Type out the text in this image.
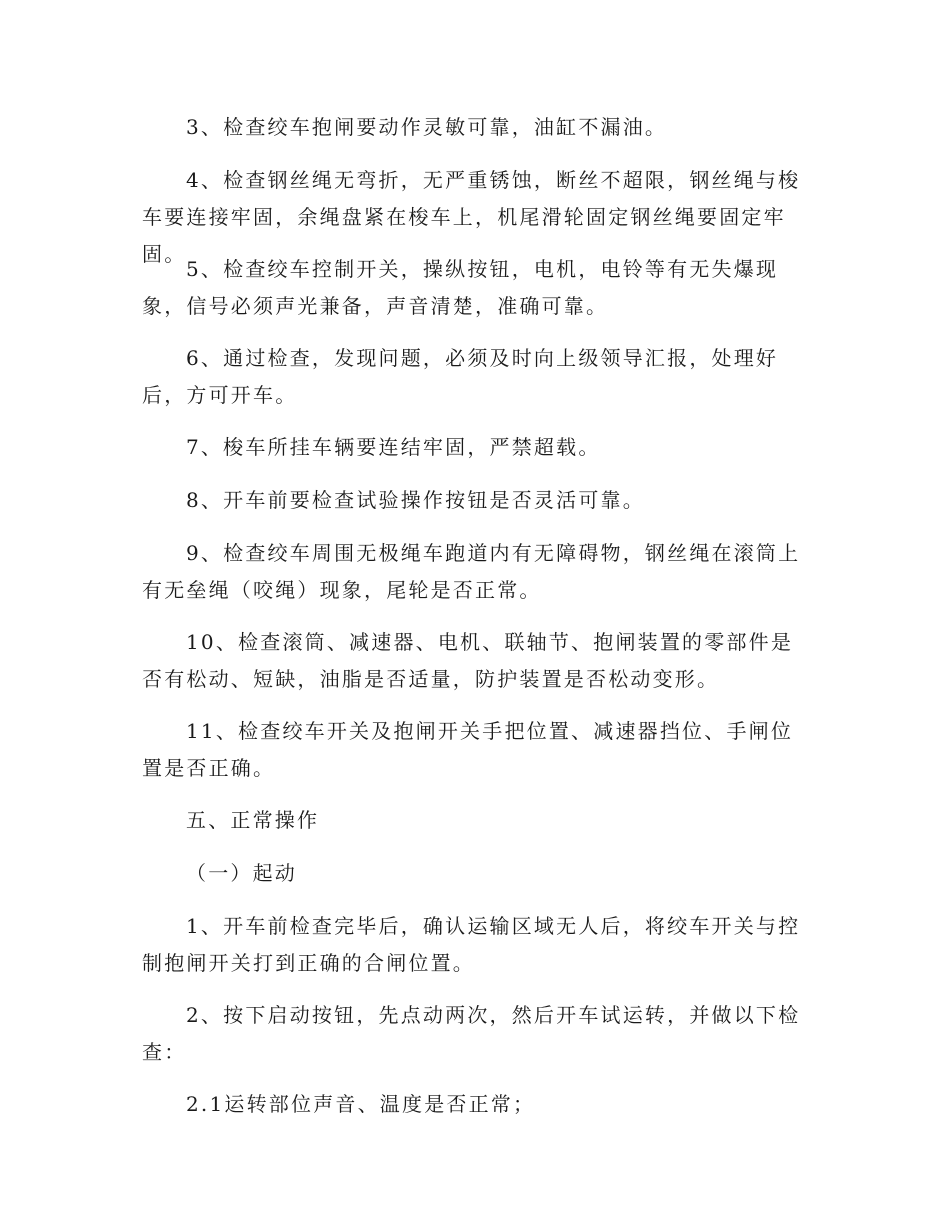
3、检查绞车抱闸要动作灵敏可靠，油缸不漏油。

4、检查钢丝绳无弯折，无严重锈蚀，断丝不超限，钢丝绳与梭车要连接牢固，余绳盘紧在梭车上，机尾滑轮固定钢丝绳要固定牢固。

5、检查绞车控制开关，操纵按钮，电机，电铃等有无失爆现象，信号必须声光兼备，声音清楚，准确可靠。

6、通过检查，发现问题，必须及时向上级领导汇报，处理好后，方可开车。

7、梭车所挂车辆要连结牢固，严禁超载。

8、开车前要检查试验操作按钮是否灵活可靠。

9、检查绞车周围无极绳车跑道内有无障碍物，钢丝绳在滚筒上有无垒绳（咬绳）现象，尾轮是否正常。

10、检查滚筒、减速器、电机、联轴节、抱闸装置的零部件是否有松动、短缺，油脂是否适量，防护装置是否松动变形。

11、检查绞车开关及抱闸开关手把位置、减速器挡位、手闸位置是否正确。

五、正常操作

（一）起动

1、开车前检查完毕后，确认运输区域无人后，将绞车开关与控制抱闸开关打到正确的合闸位置。

2、按下启动按钮，先点动两次，然后开车试运转，并做以下检查：

2.1运转部位声音、温度是否正常；
